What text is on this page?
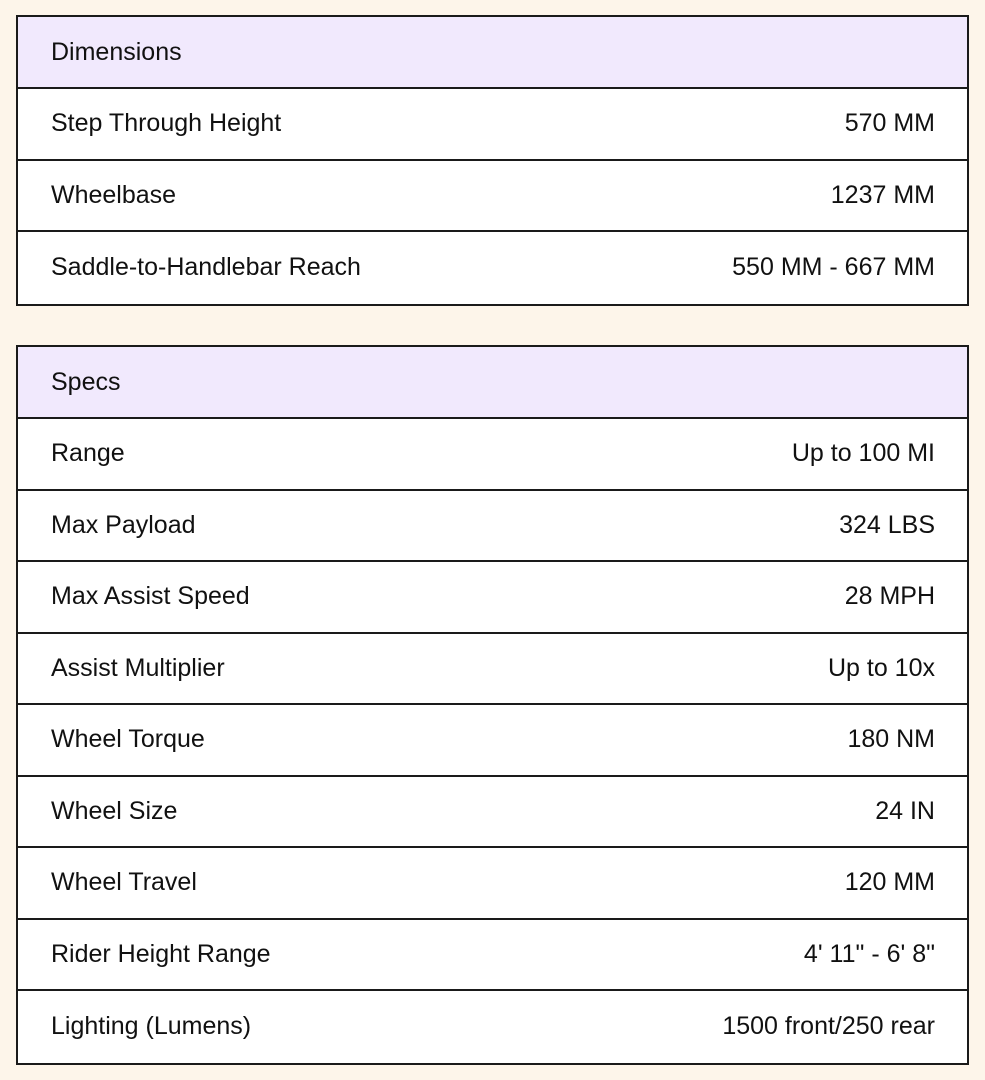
Dimensions
Step Through Height	570 MM
Wheelbase	1237 MM
Saddle-to-Handlebar Reach	550 MM - 667 MM
Specs
Range	Up to 100 MI
Max Payload	324 LBS
Max Assist Speed	28 MPH
Assist Multiplier	Up to 10x
Wheel Torque	180 NM
Wheel Size	24 IN
Wheel Travel	120 MM
Rider Height Range	4' 11" - 6' 8"
Lighting (Lumens)	1500 front/250 rear
